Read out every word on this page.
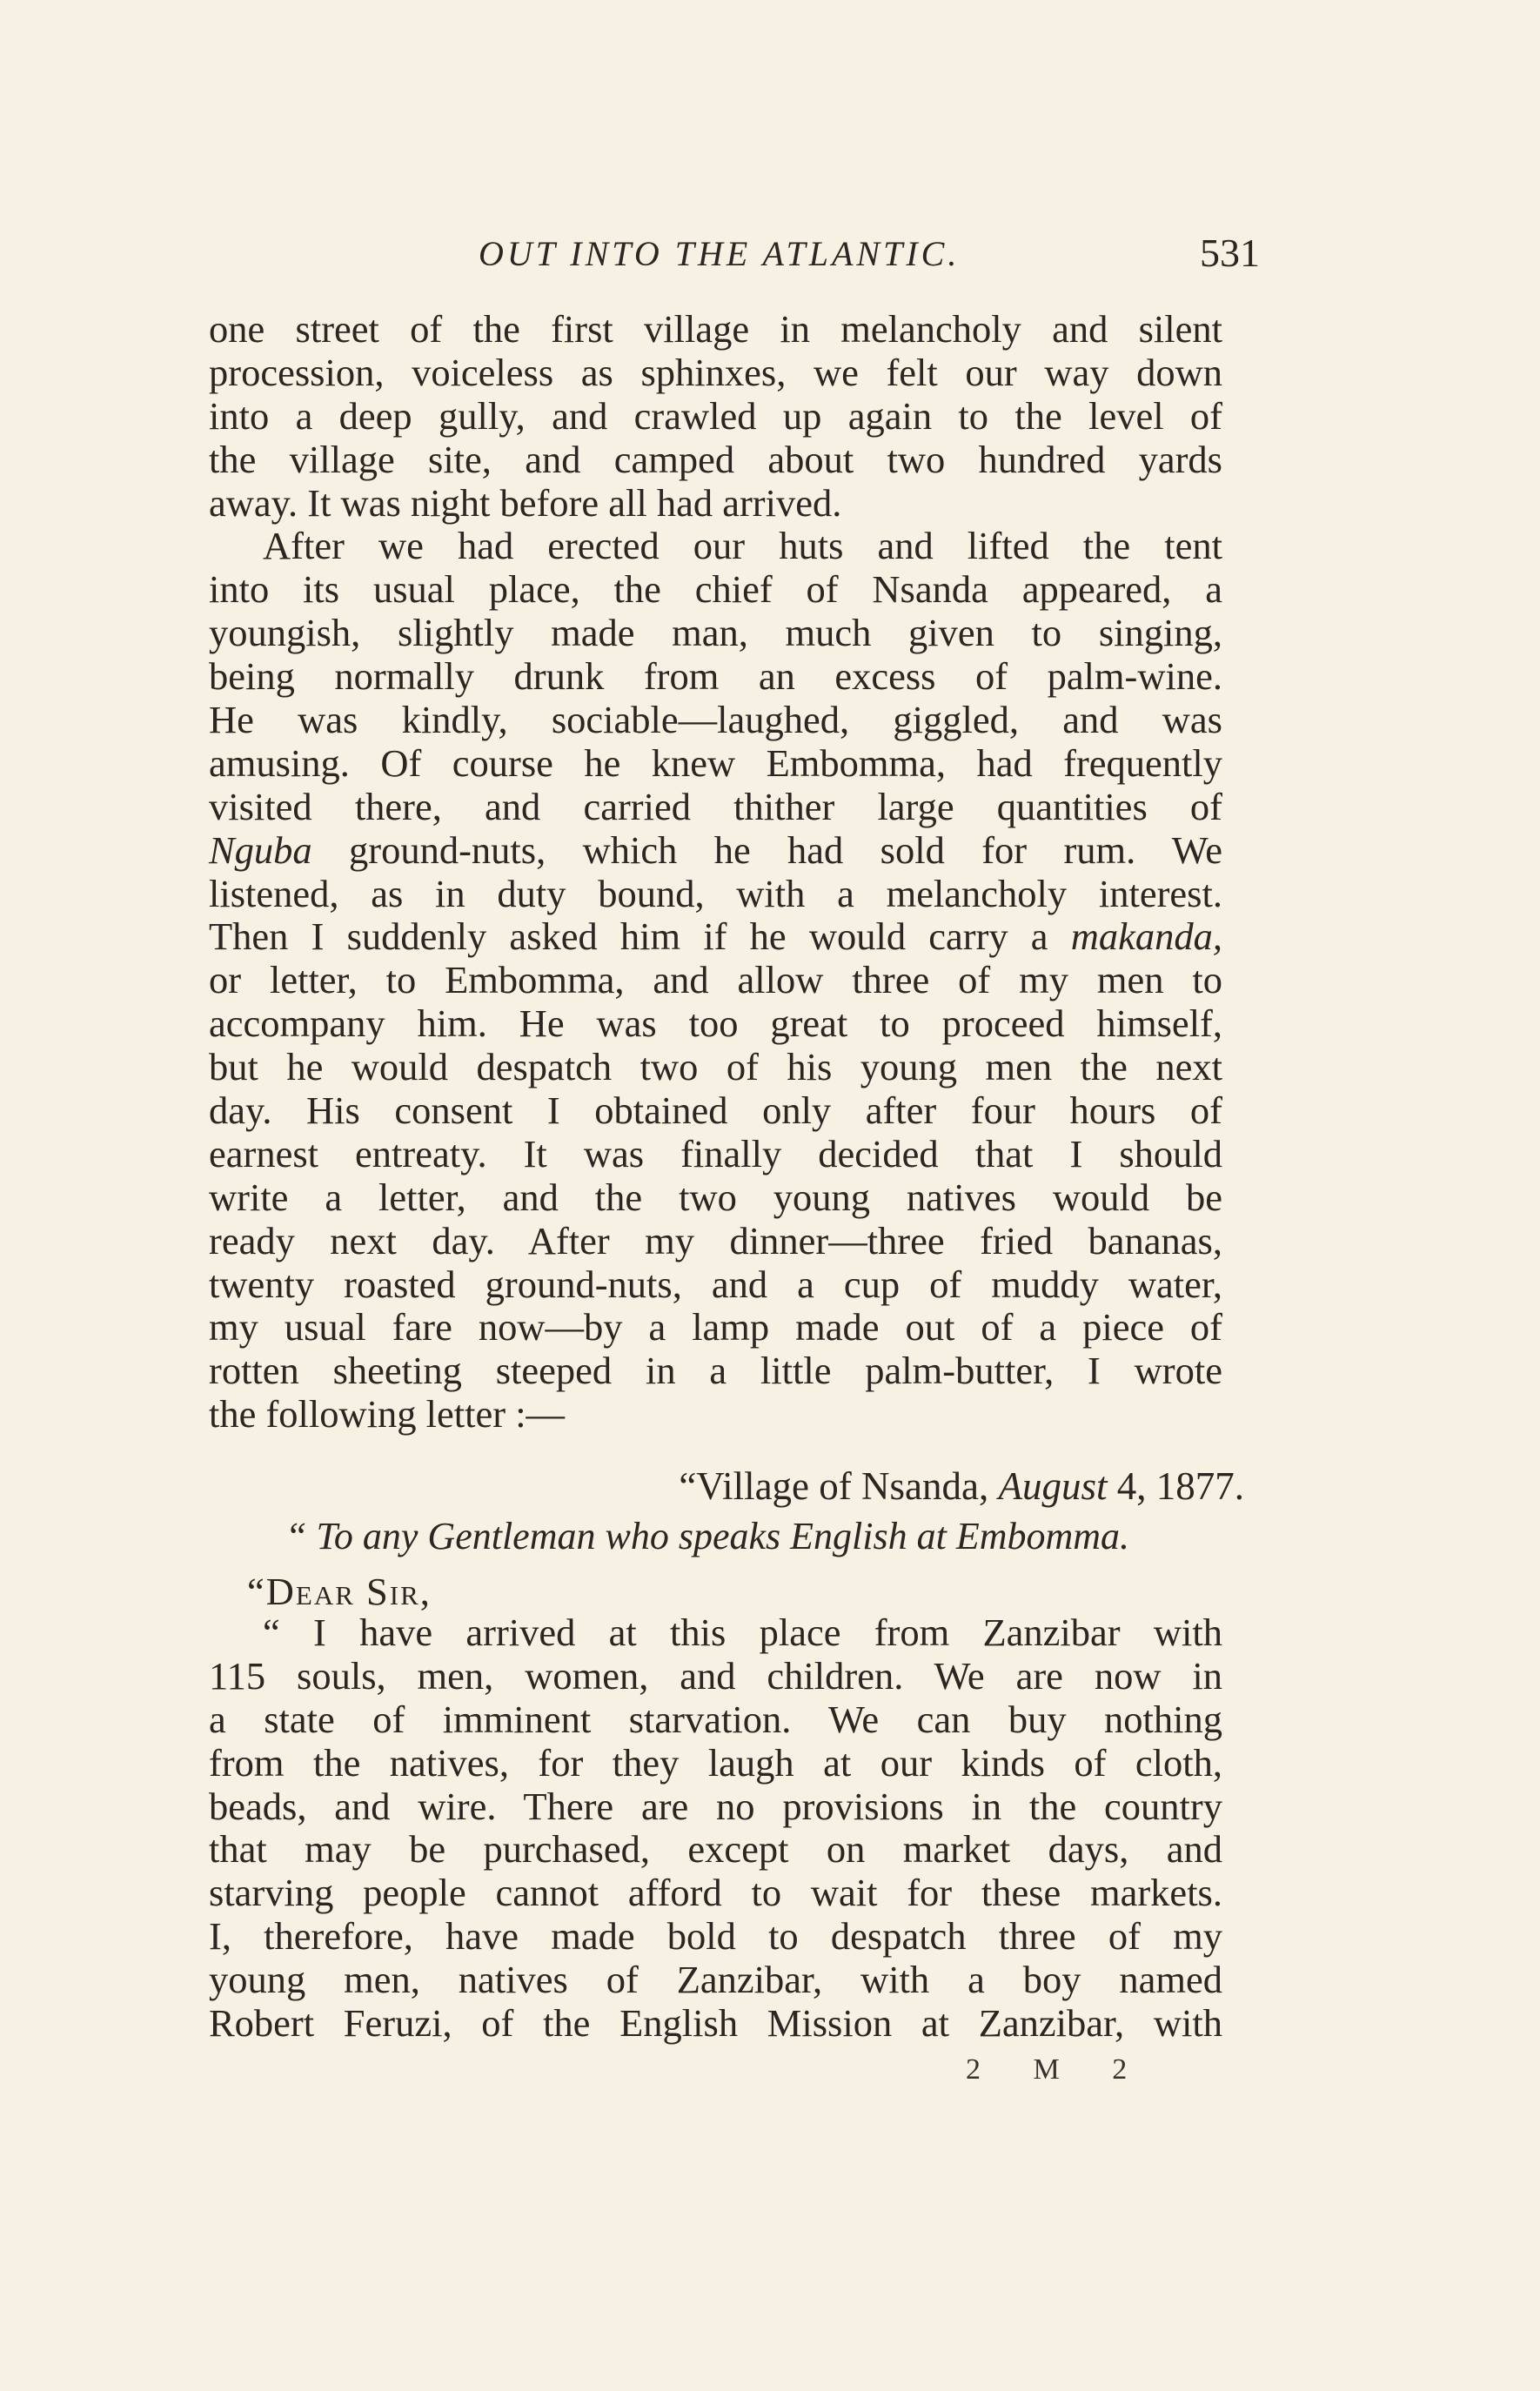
OUT INTO THE ATLANTIC.	531
one street of the first village in melancholy and silent
procession, voiceless as sphinxes, we felt our way down
into a deep gully, and crawled up again to the level of
the village site, and camped about two hundred yards
away. It was night before all had arrived.
After we had erected our huts and lifted the tent
into its usual place, the chief of Nsanda appeared, a
youngish, slightly made man, much given to singing,
being normally drunk from an excess of palm-wine.
He was kindly, sociable—laughed, giggled, and was
amusing. Of course he knew Embomma, had frequently
visited there, and carried thither large quantities of
Nguba ground-nuts, which he had sold for rum. We
listened, as in duty bound, with a melancholy interest.
Then I suddenly asked him if he would carry a makanda,
or letter, to Embomma, and allow three of my men to
accompany him. He was too great to proceed himself,
but he would despatch two of his young men the next
day. His consent I obtained only after four hours of
earnest entreaty. It was finally decided that I should
write a letter, and the two young natives would be
ready next day. After my dinner—three fried bananas,
twenty roasted ground-nuts, and a cup of muddy water,
my usual fare now—by a lamp made out of a piece of
rotten sheeting steeped in a little palm-butter, I wrote
the following letter :—
“Village of Nsanda, August 4, 1877.
“ To any Gentleman who speaks English at Embomma.
“Dear Sir,
“ I have arrived at this place from Zanzibar with
115 souls, men, women, and children. We are now in
a state of imminent starvation. We can buy nothing
from the natives, for they laugh at our kinds of cloth,
beads, and wire. There are no provisions in the country
that may be purchased, except on market days, and
starving people cannot afford to wait for these markets.
I, therefore, have made bold to despatch three of my
young men, natives of Zanzibar, with a boy named
Robert Feruzi, of the English Mission at Zanzibar, with
2 M 2
